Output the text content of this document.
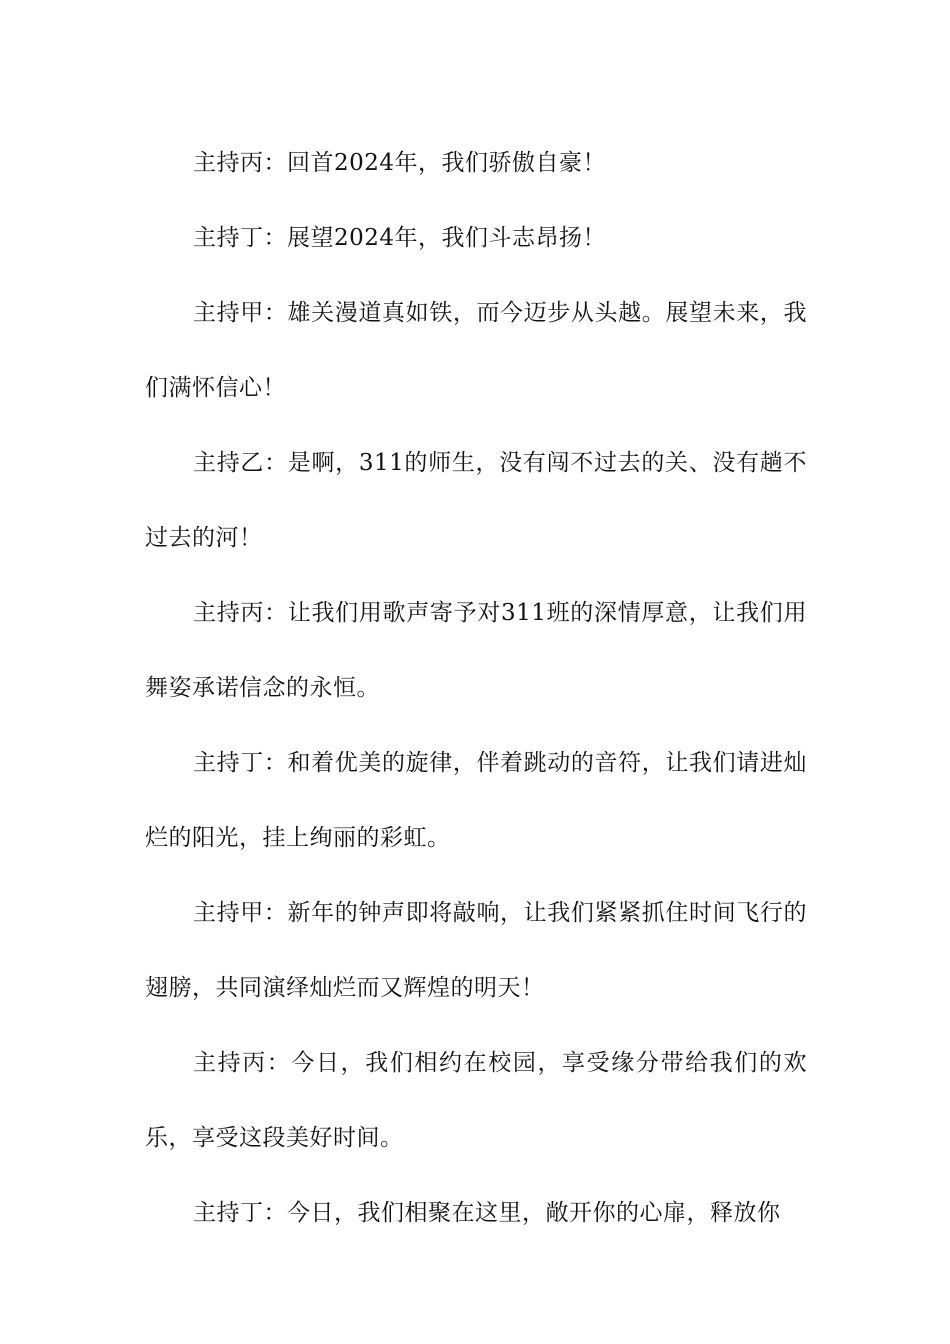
主持丙：回首2024年，我们骄傲自豪！

主持丁：展望2024年，我们斗志昂扬！

主持甲：雄关漫道真如铁，而今迈步从头越。展望未来，我们满怀信心！

主持乙：是啊，311的师生，没有闯不过去的关、没有趟不过去的河！

主持丙：让我们用歌声寄予对311班的深情厚意，让我们用舞姿承诺信念的永恒。

主持丁：和着优美的旋律，伴着跳动的音符，让我们请进灿烂的阳光，挂上绚丽的彩虹。

主持甲：新年的钟声即将敲响，让我们紧紧抓住时间飞行的翅膀，共同演绎灿烂而又辉煌的明天！

主持丙：今日，我们相约在校园，享受缘分带给我们的欢乐，享受这段美好时间。

主持丁：今日，我们相聚在这里，敞开你的心扉，释放你
